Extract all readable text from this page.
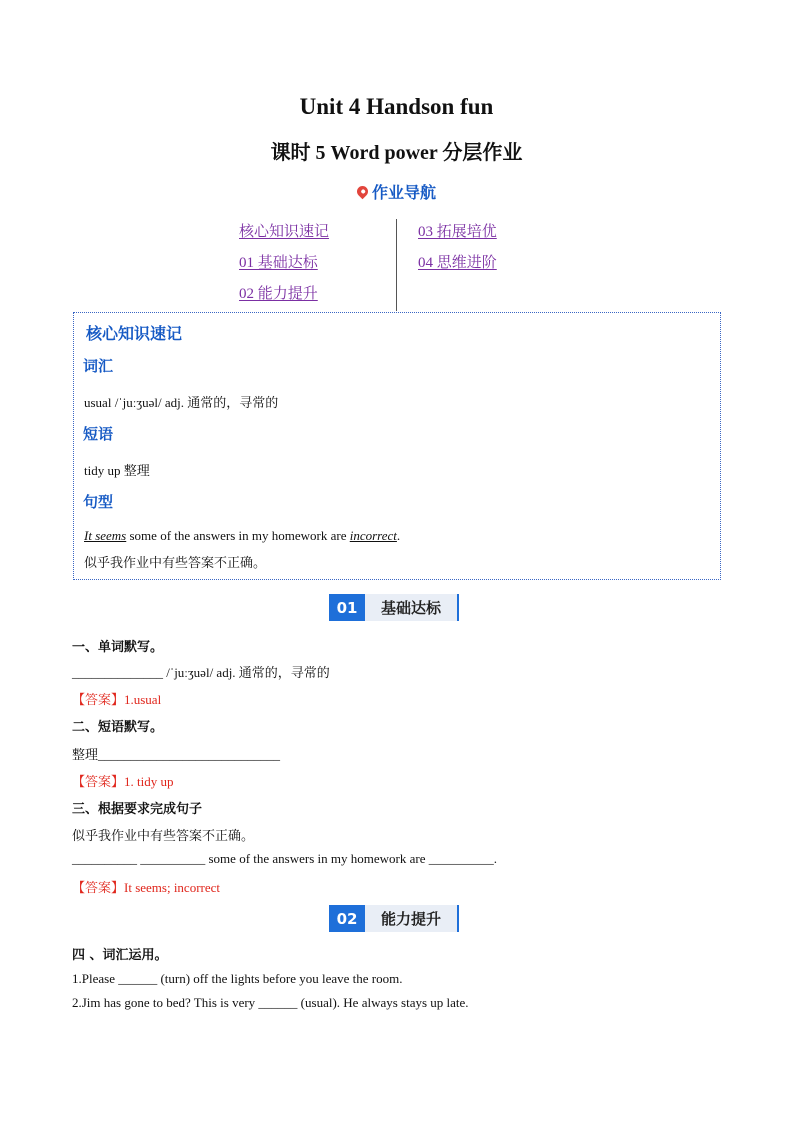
Unit 4 Handson fun
课时 5 Word power 分层作业
作业导航
核心知识速记
01 基础达标
02 能力提升
03 拓展培优
04 思维进阶
核心知识速记
词汇
usual /ˈjuːʒuəl/ adj. 通常的，寻常的
短语
tidy up 整理
句型
It seems some of the answers in my homework are incorrect.
似乎我作业中有些答案不正确。
01	基础达标
一、单词默写。
______________ /ˈjuːʒuəl/ adj. 通常的，寻常的
【答案】1.usual
二、短语默写。
整理____________________________
【答案】1. tidy up
三、根据要求完成句子
似乎我作业中有些答案不正确。
__________ __________ some of the answers in my homework are __________.
【答案】It seems; incorrect
02	能力提升
四 、词汇运用。
1.Please ______ (turn) off the lights before you leave the room.
2.Jim has gone to bed? This is very ______ (usual). He always stays up late.
